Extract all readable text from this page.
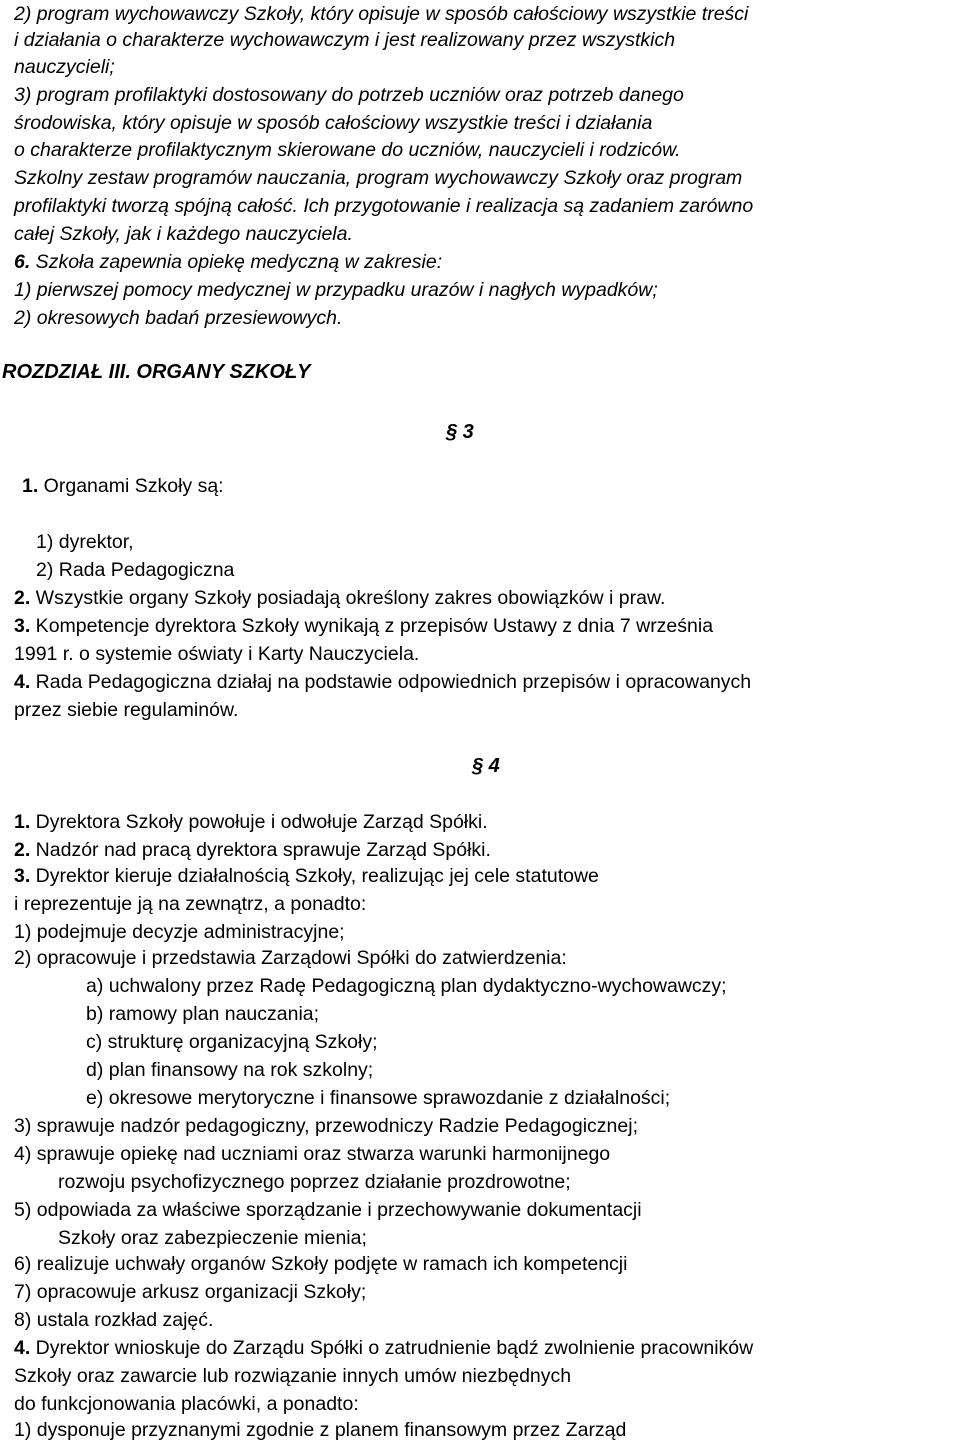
2) program wychowawczy Szkoły, który opisuje w sposób całościowy wszystkie treści
i działania o charakterze wychowawczym i jest realizowany przez wszystkich
nauczycieli;
3) program profilaktyki dostosowany do potrzeb uczniów oraz potrzeb danego
środowiska, który opisuje w sposób całościowy wszystkie treści i działania
o charakterze profilaktycznym skierowane do uczniów, nauczycieli i rodziców.
Szkolny zestaw programów nauczania, program wychowawczy Szkoły oraz program
profilaktyki tworzą spójną całość. Ich przygotowanie i realizacja są zadaniem zarówno
całej Szkoły, jak i każdego nauczyciela.
6. Szkoła zapewnia opiekę medyczną w zakresie:
1) pierwszej pomocy medycznej w przypadku urazów i nagłych wypadków;
2) okresowych badań przesiewowych.
ROZDZIAŁ III. ORGANY SZKOŁY
§ 3
1. Organami Szkoły są:
1) dyrektor,
2) Rada Pedagogiczna
2. Wszystkie organy Szkoły posiadają określony zakres obowiązków i praw.
3. Kompetencje dyrektora Szkoły wynikają z przepisów Ustawy z dnia 7 września
1991 r. o systemie oświaty i Karty Nauczyciela.
4. Rada Pedagogiczna działaj na podstawie odpowiednich przepisów i opracowanych
przez siebie regulaminów.
§ 4
1. Dyrektora Szkoły powołuje i odwołuje Zarząd Spółki.
2. Nadzór nad pracą dyrektora sprawuje Zarząd Spółki.
3. Dyrektor kieruje działalnością Szkoły, realizując jej cele statutowe
i reprezentuje ją na zewnątrz, a ponadto:
1) podejmuje decyzje administracyjne;
2) opracowuje i przedstawia Zarządowi Spółki do zatwierdzenia:
a) uchwalony przez Radę Pedagogiczną plan dydaktyczno-wychowawczy;
b) ramowy plan nauczania;
c) strukturę organizacyjną Szkoły;
d) plan finansowy na rok szkolny;
e) okresowe merytoryczne i finansowe sprawozdanie z działalności;
3) sprawuje nadzór pedagogiczny, przewodniczy Radzie Pedagogicznej;
4) sprawuje opiekę nad uczniami oraz stwarza warunki harmonijnego
rozwoju psychofizycznego poprzez działanie prozdrowotne;
5) odpowiada za właściwe sporządzanie i przechowywanie dokumentacji
Szkoły oraz zabezpieczenie mienia;
6) realizuje uchwały organów Szkoły podjęte w ramach ich kompetencji
7) opracowuje arkusz organizacji Szkoły;
8) ustala rozkład zajęć.
4. Dyrektor wnioskuje do Zarządu Spółki o zatrudnienie bądź zwolnienie pracowników
Szkoły oraz zawarcie lub rozwiązanie innych umów niezbędnych
do funkcjonowania placówki, a ponadto:
1) dysponuje przyznanymi zgodnie z planem finansowym przez Zarząd
